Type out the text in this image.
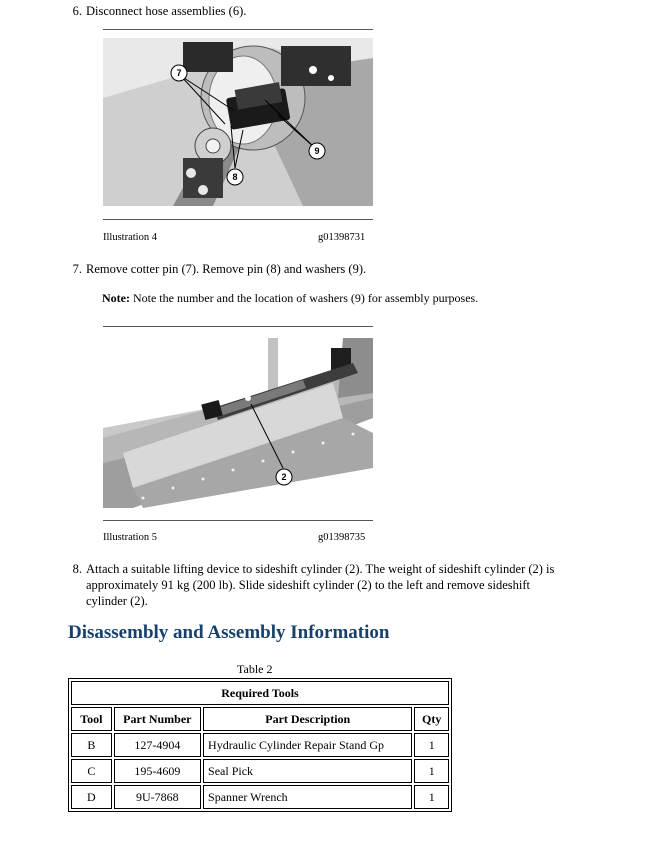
6. Disconnect hose assemblies (6).
7
8
9
Illustration 4	g01398731
7. Remove cotter pin (7). Remove pin (8) and washers (9).
Note: Note the number and the location of washers (9) for assembly purposes.
2
Illustration 5	g01398735
8. Attach a suitable lifting device to sideshift cylinder (2). The weight of sideshift cylinder (2) is
approximately 91 kg (200 lb). Slide sideshift cylinder (2) to the left and remove sideshift
cylinder (2).
Disassembly and Assembly Information
Table 2
Required Tools			
Tool	Part Number	Part Description	Qty
B	127-4904	Hydraulic Cylinder Repair Stand Gp	1
C	195-4609	Seal Pick	1
D	9U-7868	Spanner Wrench	1
